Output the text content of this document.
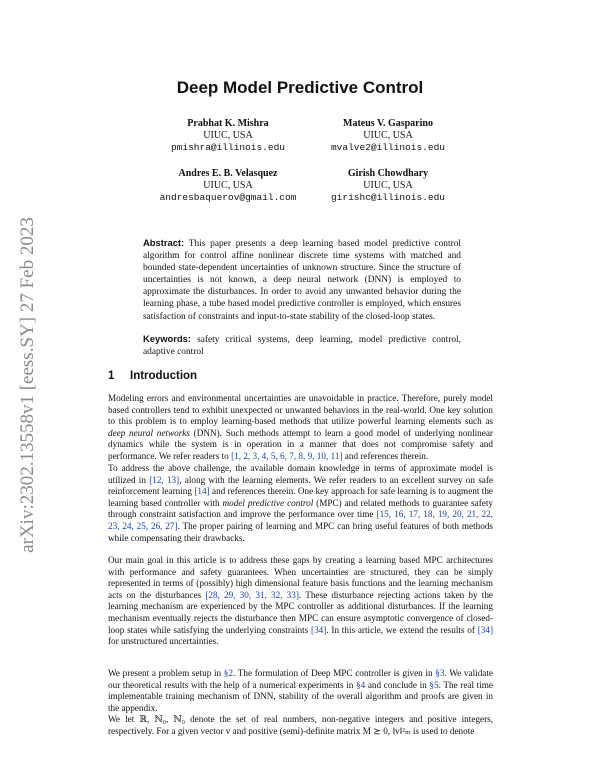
arXiv:2302.13558v1 [eess.SY] 27 Feb 2023
Deep Model Predictive Control
Prabhat K. Mishra
UIUC, USA
pmishra@illinois.edu
Mateus V. Gasparino
UIUC, USA
mvalve2@illinois.edu
Andres E. B. Velasquez
UIUC, USA
andresbaquerov@gmail.com
Girish Chowdhary
UIUC, USA
girishc@illinois.edu

Abstract: This paper presents a deep learning based model predictive control algorithm for control affine nonlinear discrete time systems with matched and bounded state-dependent uncertainties of unknown structure. Since the structure of uncertainties is not known, a deep neural network (DNN) is employed to approximate the disturbances. In order to avoid any unwanted behavior during the learning phase, a tube based model predictive controller is employed, which ensures satisfaction of constraints and input-to-state stability of the closed-loop states.

Keywords: safety critical systems, deep learning, model predictive control, adaptive control

1 Introduction

Modeling errors and environmental uncertainties are unavoidable in practice. Therefore, purely model based controllers tend to exhibit unexpected or unwanted behaviors in the real-world. One key solution to this problem is to employ learning-based methods that utilize powerful learning elements such as deep neural networks (DNN). Such methods attempt to learn a good model of underlying nonlinear dynamics while the system is in operation in a manner that does not compromise safety and performance. We refer readers to [1, 2, 3, 4, 5, 6, 7, 8, 9, 10, 11] and references therein.

To address the above challenge, the available domain knowledge in terms of approximate model is utilized in [12, 13], along with the learning elements. We refer readers to an excellent survey on safe reinforcement learning [14] and references therein. One key approach for safe learning is to augment the learning based controller with model predictive control (MPC) and related methods to guarantee safety through constraint satisfaction and improve the performance over time [15, 16, 17, 18, 19, 20, 21, 22, 23, 24, 25, 26, 27]. The proper pairing of learning and MPC can bring useful features of both methods while compensating their drawbacks.

Our main goal in this article is to address these gaps by creating a learning based MPC architectures with performance and safety guarantees. When uncertainties are structured, they can be simply represented in terms of (possibly) high dimensional feature basis functions and the learning mechanism acts on the disturbances [28, 29, 30, 31, 32, 33]. These disturbance rejecting actions taken by the learning mechanism are experienced by the MPC controller as additional disturbances. If the learning mechanism eventually rejects the disturbance then MPC can ensure asymptotic convergence of closed-loop states while satisfying the underlying constraints [34]. In this article, we extend the results of [34] for unstructured uncertainties.

We present a problem setup in §2. The formulation of Deep MPC controller is given in §3. We validate our theoretical results with the help of a numerical experiments in §4 and conclude in §5. The real time implementable training mechanism of DNN, stability of the overall algorithm and proofs are given in the appendix.

We let ℝ, ℕ₀, ℕ₀ denote the set of real numbers, non-negative integers and positive integers, respectively. For a given vector v and positive (semi)-definite matrix M ⪰ 0, ‖v‖²ₘ is used to denote
